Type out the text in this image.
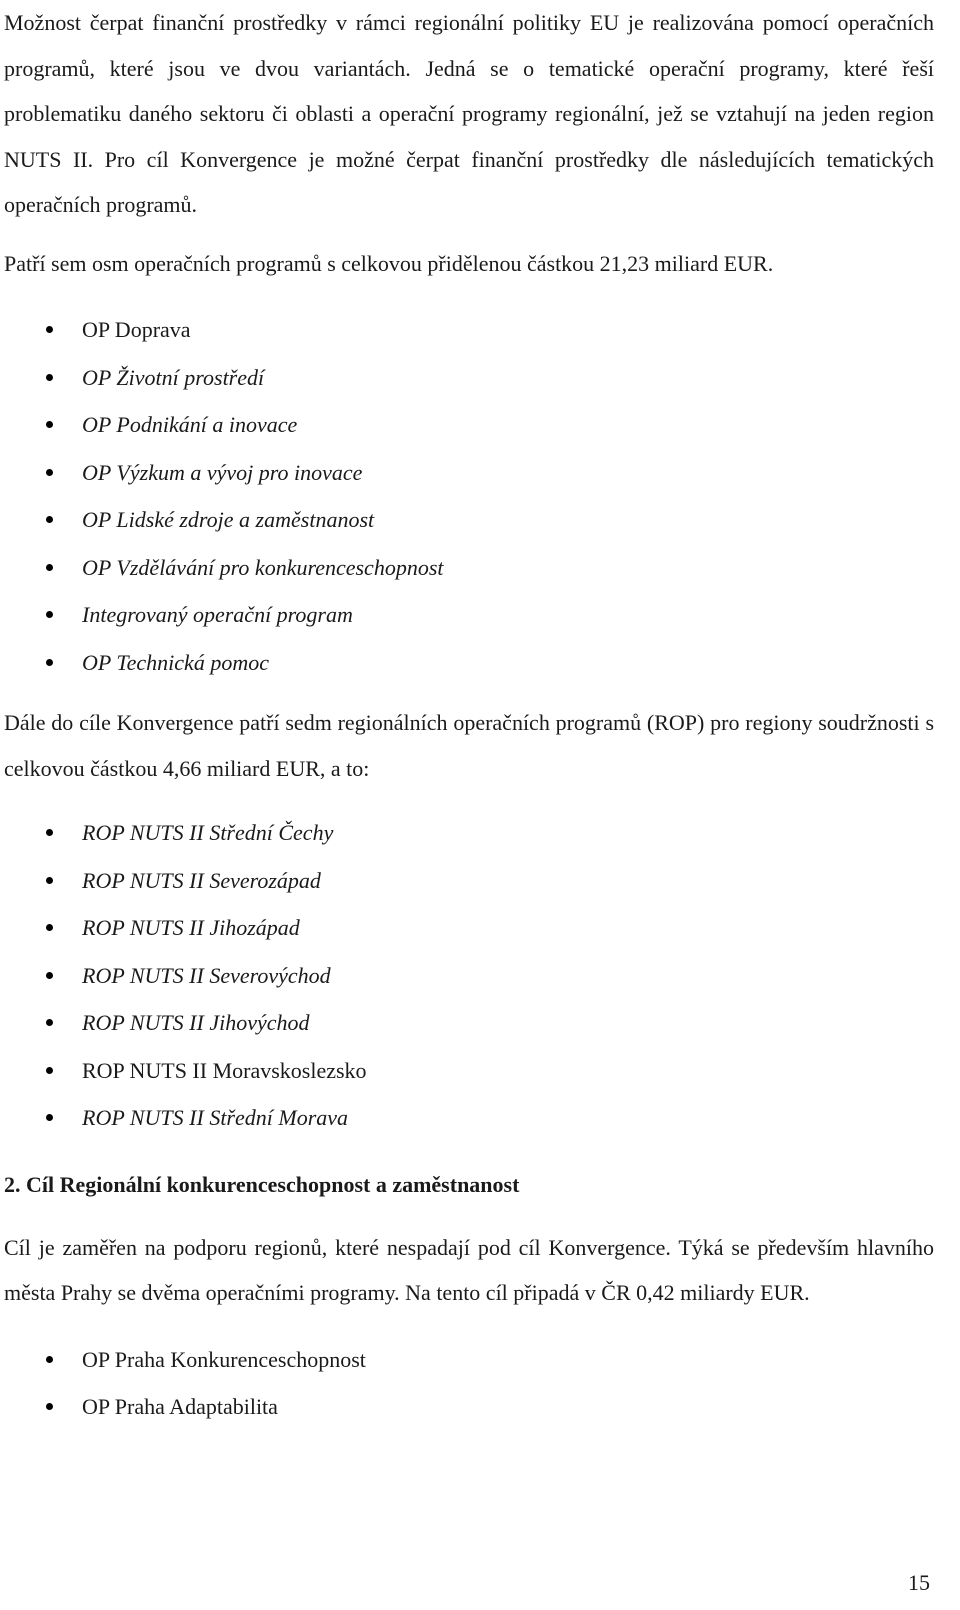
Možnost čerpat finanční prostředky v rámci regionální politiky EU je realizována pomocí operačních programů, které jsou ve dvou variantách. Jedná se o tematické operační programy, které řeší problematiku daného sektoru či oblasti a operační programy regionální, jež se vztahují na jeden region NUTS II. Pro cíl Konvergence je možné čerpat finanční prostředky dle následujících tematických operačních programů.

Patří sem osm operačních programů s celkovou přidělenou částkou 21,23 miliard EUR.

OP Doprava
OP Životní prostředí
OP Podnikání a inovace
OP Výzkum a vývoj pro inovace
OP Lidské zdroje a zaměstnanost
OP Vzdělávání pro konkurenceschopnost
Integrovaný operační program
OP Technická pomoc

Dále do cíle Konvergence patří sedm regionálních operačních programů (ROP) pro regiony soudržnosti s celkovou částkou 4,66 miliard EUR, a to:

ROP NUTS II Střední Čechy
ROP NUTS II Severozápad
ROP NUTS II Jihozápad
ROP NUTS II Severovýchod
ROP NUTS II Jihovýchod
ROP NUTS II Moravskoslezsko
ROP NUTS II Střední Morava

2. Cíl Regionální konkurenceschopnost a zaměstnanost

Cíl je zaměřen na podporu regionů, které nespadají pod cíl Konvergence. Týká se především hlavního města Prahy se dvěma operačními programy. Na tento cíl připadá v ČR 0,42 miliardy EUR.

OP Praha Konkurenceschopnost
OP Praha Adaptabilita
15
